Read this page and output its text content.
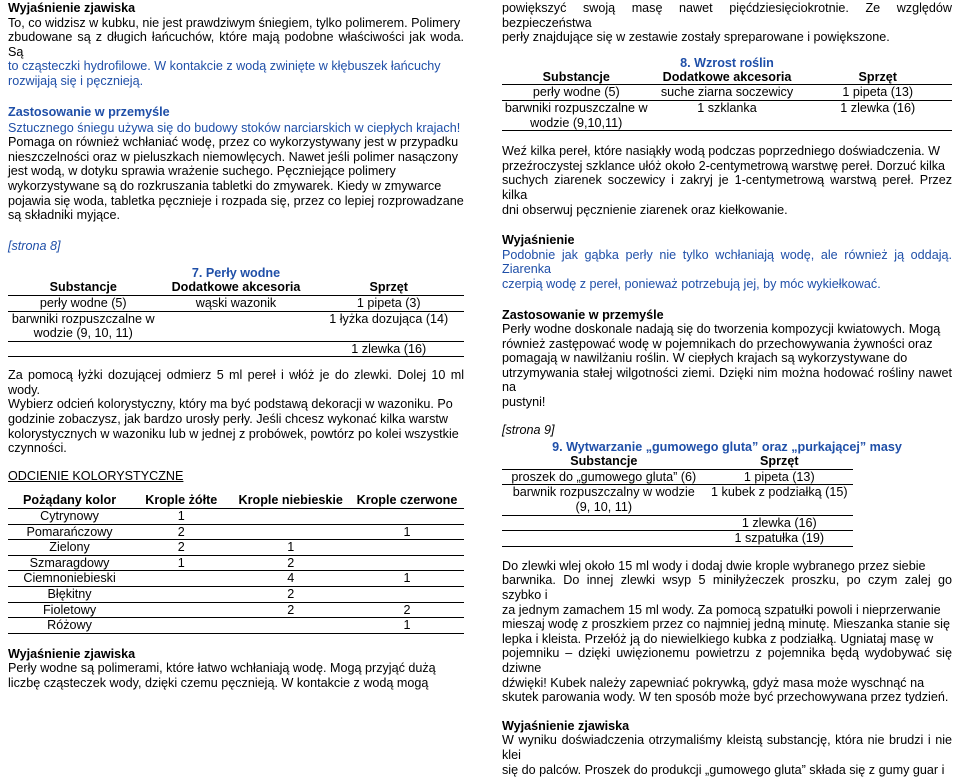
Wyjaśnienie zjawiska

To, co widzisz w kubku, nie jest prawdziwym śniegiem, tylko polimerem. Polimery

zbudowane są z długich łańcuchów, które mają podobne właściwości jak woda. Są

to cząsteczki hydrofilowe. W kontakcie z wodą zwinięte w kłębuszek łańcuchy

rozwijają się i pęcznieją.

Zastosowanie w przemyśle

Sztucznego śniegu używa się do budowy stoków narciarskich w ciepłych krajach!

Pomaga on również wchłaniać wodę, przez co wykorzystywany jest w przypadku

nieszczelności oraz w pieluszkach niemowlęcych. Nawet jeśli polimer nasączony

jest wodą, w dotyku sprawia wrażenie suchego. Pęczniejące polimery

wykorzystywane są do rozkruszania tabletki do zmywarek. Kiedy w zmywarce

pojawia się woda, tabletka pęcznieje i rozpada się, przez co lepiej rozprowadzane

są składniki myjące.

[strona 8]

7. Perły wodne
Substancje	Dodatkowe akcesoria	Sprzęt
perły wodne (5)	wąski wazonik	1 pipeta (3)
barwniki rozpuszczalne w wodzie (9, 10, 11)		1 łyżka dozująca (14)
		1 zlewka (16)

Za pomocą łyżki dozującej odmierz 5 ml pereł i włóż je do zlewki. Dolej 10 ml wody.

Wybierz odcień kolorystyczny, który ma być podstawą dekoracji w wazoniku. Po

godzinie zobaczysz, jak bardzo urosły perły. Jeśli chcesz wykonać kilka warstw

kolorystycznych w wazoniku lub w jednej z probówek, powtórz po kolei wszystkie

czynności.

ODCIENIE KOLORYSTYCZNE

Pożądany kolor	Krople żółte	Krople niebieskie	Krople czerwone
Cytrynowy	1		
Pomarańczowy	2		1
Zielony	2	1	
Szmaragdowy	1	2	
Ciemnoniebieski		4	1
Błękitny		2	
Fioletowy		2	2
Różowy			1
Wyjaśnienie zjawiska

Perły wodne są polimerami, które łatwo wchłaniają wodę. Mogą przyjąć dużą

liczbę cząsteczek wody, dzięki czemu pęcznieją. W kontakcie z wodą mogą

powiększyć swoją masę nawet pięćdziesięciokrotnie. Ze względów bezpieczeństwa

perły znajdujące się w zestawie zostały spreparowane i powiększone.

8. Wzrost roślin
Substancje	Dodatkowe akcesoria	Sprzęt
perły wodne (5)	suche ziarna soczewicy	1 pipeta (13)
barwniki rozpuszczalne w wodzie (9,10,11)	1 szklanka	1 zlewka (16)

Weź kilka pereł, które nasiąkły wodą podczas poprzedniego doświadczenia. W

przeźroczystej szklance ułóż około 2-centymetrową warstwę pereł. Dorzuć kilka

suchych ziarenek soczewicy i zakryj je 1-centymetrową warstwą pereł. Przez kilka

dni obserwuj pęcznienie ziarenek oraz kiełkowanie.

Wyjaśnienie

Podobnie jak gąbka perły nie tylko wchłaniają wodę, ale również ją oddają. Ziarenka

czerpią wodę z pereł, ponieważ potrzebują jej, by móc wykiełkować.

Zastosowanie w przemyśle

Perły wodne doskonale nadają się do tworzenia kompozycji kwiatowych. Mogą

również zastępować wodę w pojemnikach do przechowywania żywności oraz

pomagają w nawilżaniu roślin. W ciepłych krajach są wykorzystywane do

utrzymywania stałej wilgotności ziemi. Dzięki nim można hodować rośliny nawet na

pustyni!

[strona 9]

9. Wytwarzanie „gumowego gluta” oraz „purkającej” masy
Substancje	Sprzęt
proszek do „gumowego gluta” (6)	1 pipeta (13)
barwnik rozpuszczalny w wodzie (9, 10, 11)	1 kubek z podziałką (15)
	1 zlewka (16)
	1 szpatułka (19)

Do zlewki wlej około 15 ml wody i dodaj dwie krople wybranego przez siebie

barwnika. Do innej zlewki wsyp 5 miniłyżeczek proszku, po czym zalej go szybko i

za jednym zamachem 15 ml wody. Za pomocą szpatułki powoli i nieprzerwanie

mieszaj wodę z proszkiem przez co najmniej jedną minutę. Mieszanka stanie się

lepka i kleista. Przełóż ją do niewielkiego kubka z podziałką. Ugniataj masę w

pojemniku – dzięki uwięzionemu powietrzu z pojemnika będą wydobywać się dziwne

dźwięki! Kubek należy zapewniać pokrywką, gdyż masa może wyschnąć na

skutek parowania wody. W ten sposób może być przechowywana przez tydzień.

Wyjaśnienie zjawiska

W wyniku doświadczenia otrzymaliśmy kleistą substancję, która nie brudzi i nie klei

się do palców. Proszek do produkcji „gumowego gluta” składa się z gumy guar i
